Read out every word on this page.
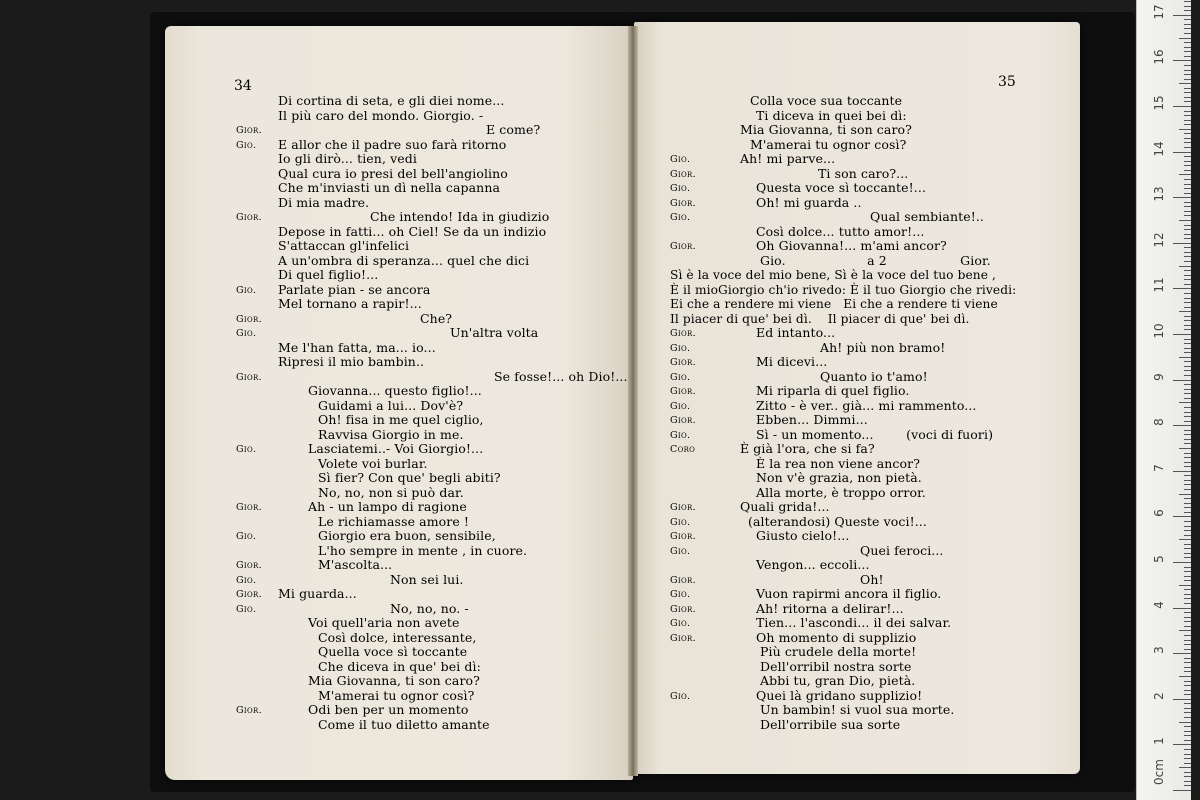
34	35
Di cortina di seta, e gli diei nome...
Il più caro del mondo. Giorgio. -
Gior.	E come?
Gio. E allor che il padre suo farà ritorno
Io gli dirò... tien, vedi
Qual cura io presi del bell'angiolino
Che m'inviasti un dì nella capanna
Di mia madre.
Gior.	Che intendo! Ida in giudizio
Depose in fatti... oh Ciel! Se da un indizio
S'attaccan gl'infelici
A un'ombra di speranza... quel che dici
Di quel figlio!...
Gio. Parlate pian - se ancora
Mel tornano a rapir!...
Gior.	Che?
Gio.	Un'altra volta
Me l'han fatta, ma... io...
Ripresi il mio bambin..
Gior.	Se fosse!... oh Dio!...
Giovanna... questo figlio!...
Guidami a lui... Dov'è?
Oh! fisa in me quel ciglio,
Ravvisa Giorgio in me.
Gio.	Lasciatemi..- Voi Giorgio!...
Volete voi burlar.
Sì fier? Con que' begli abiti?
No, no, non si può dar.
Gior.	Ah - un lampo di ragione
Le richiamasse amore !
Gio.	Giorgio era buon, sensibile,
L'ho sempre in mente , in cuore.
Gior.	M'ascolta...
Gio.	Non sei lui.
Gior. Mi guarda...
Gio.	No, no, no. -
Voi quell'aria non avete
Così dolce, interessante,
Quella voce sì toccante
Che diceva in que' bei dì:
Mia Giovanna, ti son caro?
M'amerai tu ognor così?
Gior.	Odi ben per un momento
Come il tuo diletto amante
Colla voce sua toccante
Ti diceva in quei bei dì:
Mia Giovanna, ti son caro?
M'amerai tu ognor così?
Gio.	Ah! mi parve...
Gior.	Ti son caro?...
Gio.	Questa voce sì toccante!...
Gior.	Oh! mi guarda ..
Gio.	Qual sembiante!..
Così dolce... tutto amor!...
Gior.	Oh Giovanna!... m'ami ancor?
Gio.                    a 2                  Gior.
Sì è la voce del mio bene, Sì è la voce del tuo bene ,
È il mioGiorgio ch'io rivedo: È il tuo Giorgio che rivedi:
Ei che a rendere mi viene   Ei che a rendere ti viene
Il piacer di que' bei dì.    Il piacer di que' bei dì.
Gior.	Ed intanto...
Gio.	Ah! più non bramo!
Gior.	Mi dicevi...
Gio.	Quanto io t'amo!
Gior.	Mi riparla di quel figlio.
Gio.	Zitto - è ver.. già... mi rammento...
Gior.	Ebben... Dimmi...
Gio.	Sì - un momento...        (voci di fuori)
Coro	È già l'ora, che si fa?
È la rea non viene ancor?
Non v'è grazia, non pietà.
Alla morte, è troppo orror.
Gior.	Quali grida!...
Gio.	(alterandosi) Queste voci!...
Gior.	Giusto cielo!...
Gio.	Quei feroci...
Vengon... eccoli...
Gior.	Oh!
Gio.	Vuon rapirmi ancora il figlio.
Gior.	Ah! ritorna a delirar!...
Gio.	Tien... l'ascondi... il dei salvar.
Gior.	Oh momento di supplizio
Più crudele della morte!
Dell'orribil nostra sorte
Abbi tu, gran Dio, pietà.
Gio.	Quei là gridano supplizio!
Un bambin! si vuol sua morte.
Dell'orribile sua sorte
0cm
1
2
3
4
5
6
7
8
9
10
11
12
13
14
15
16
17
